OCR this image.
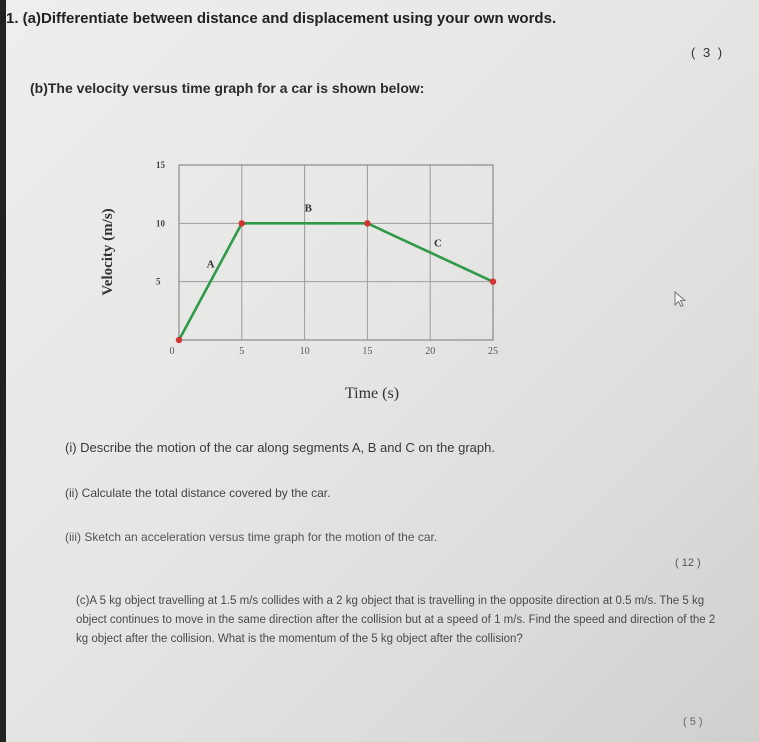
1. (a)Differentiate between distance and displacement using your own words.
( 3 )
(b)The velocity versus time graph for a car is shown below:
0	5	10	15	20	25
5
10
15
A
B
C
Velocity (m/s)
Time (s)
(i) Describe the motion of the car along segments A, B and C on the graph.
(ii) Calculate the total distance covered by the car.
(iii) Sketch an acceleration versus time graph for the motion of the car.
( 12 )
(c)A 5 kg object travelling at 1.5 m/s collides with a 2 kg object that is travelling in the opposite direction at 0.5 m/s. The 5 kg object continues to move in the same direction after the collision but at a speed of 1 m/s. Find the speed and direction of the 2 kg object after the collision. What is the momentum of the 5 kg object after the collision?
( 5 )
